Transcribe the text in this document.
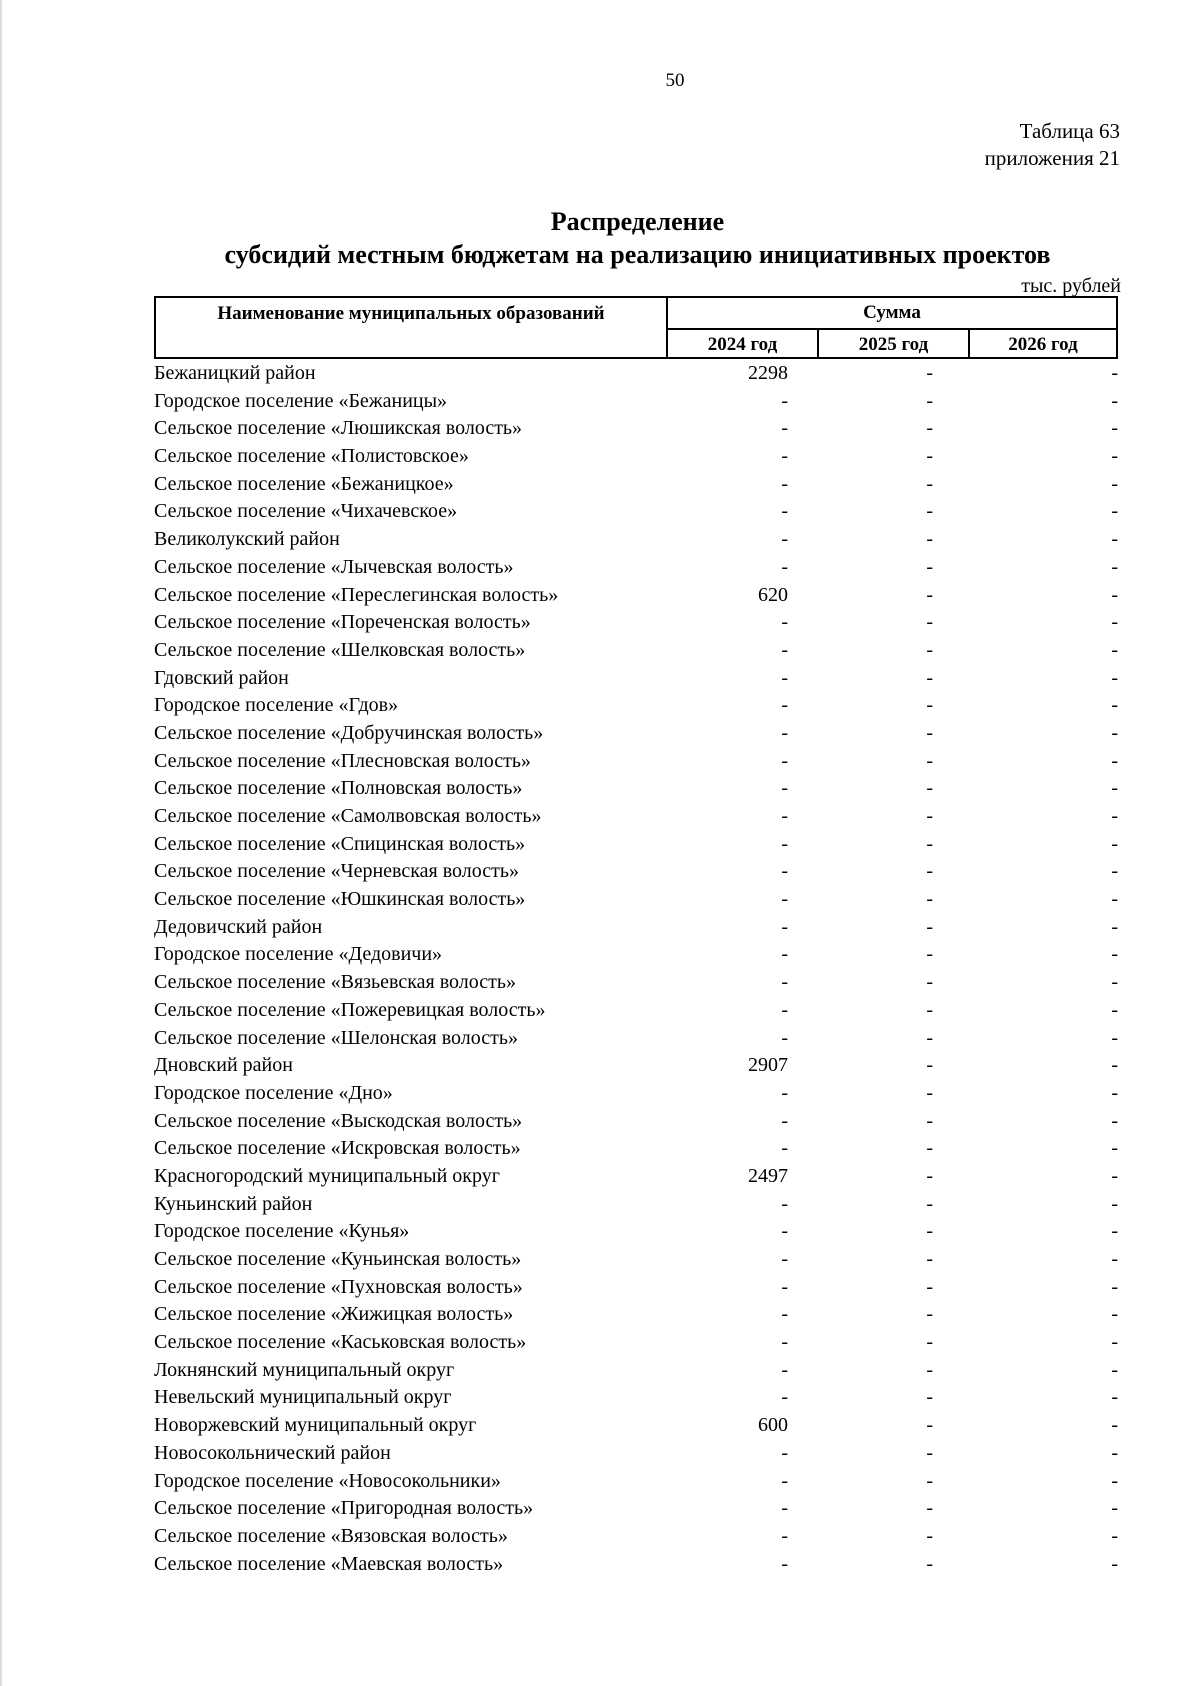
50
Таблица 63
приложения 21
Распределение
субсидий местным бюджетам на реализацию инициативных проектов
тыс. рублей
Наименование муниципальных образований	Сумма
2024 год	2025 год	2026 год
Бежаницкий район	2298	-	-
Городское поселение «Бежаницы»	-	-	-
Сельское поселение «Люшикская волость»	-	-	-
Сельское поселение «Полистовское»	-	-	-
Сельское поселение «Бежаницкое»	-	-	-
Сельское поселение «Чихачевское»	-	-	-
Великолукский район	-	-	-
Сельское поселение «Лычевская волость»	-	-	-
Сельское поселение «Переслегинская волость»	620	-	-
Сельское поселение «Пореченская волость»	-	-	-
Сельское поселение «Шелковская волость»	-	-	-
Гдовский район	-	-	-
Городское поселение «Гдов»	-	-	-
Сельское поселение «Добручинская волость»	-	-	-
Сельское поселение «Плесновская волость»	-	-	-
Сельское поселение «Полновская волость»	-	-	-
Сельское поселение «Самолвовская волость»	-	-	-
Сельское поселение «Спицинская волость»	-	-	-
Сельское поселение «Черневская волость»	-	-	-
Сельское поселение «Юшкинская волость»	-	-	-
Дедовичский район	-	-	-
Городское поселение «Дедовичи»	-	-	-
Сельское поселение «Вязьевская волость»	-	-	-
Сельское поселение «Пожеревицкая волость»	-	-	-
Сельское поселение «Шелонская волость»	-	-	-
Дновский район	2907	-	-
Городское поселение «Дно»	-	-	-
Сельское поселение «Выскодская волость»	-	-	-
Сельское поселение «Искровская волость»	-	-	-
Красногородский муниципальный округ	2497	-	-
Куньинский район	-	-	-
Городское поселение «Кунья»	-	-	-
Сельское поселение «Куньинская волость»	-	-	-
Сельское поселение «Пухновская волость»	-	-	-
Сельское поселение «Жижицкая волость»	-	-	-
Сельское поселение «Каськовская волость»	-	-	-
Локнянский муниципальный округ	-	-	-
Невельский муниципальный округ	-	-	-
Новоржевский муниципальный округ	600	-	-
Новосокольнический район	-	-	-
Городское поселение «Новосокольники»	-	-	-
Сельское поселение «Пригородная волость»	-	-	-
Сельское поселение «Вязовская волость»	-	-	-
Сельское поселение «Маевская волость»	-	-	-
